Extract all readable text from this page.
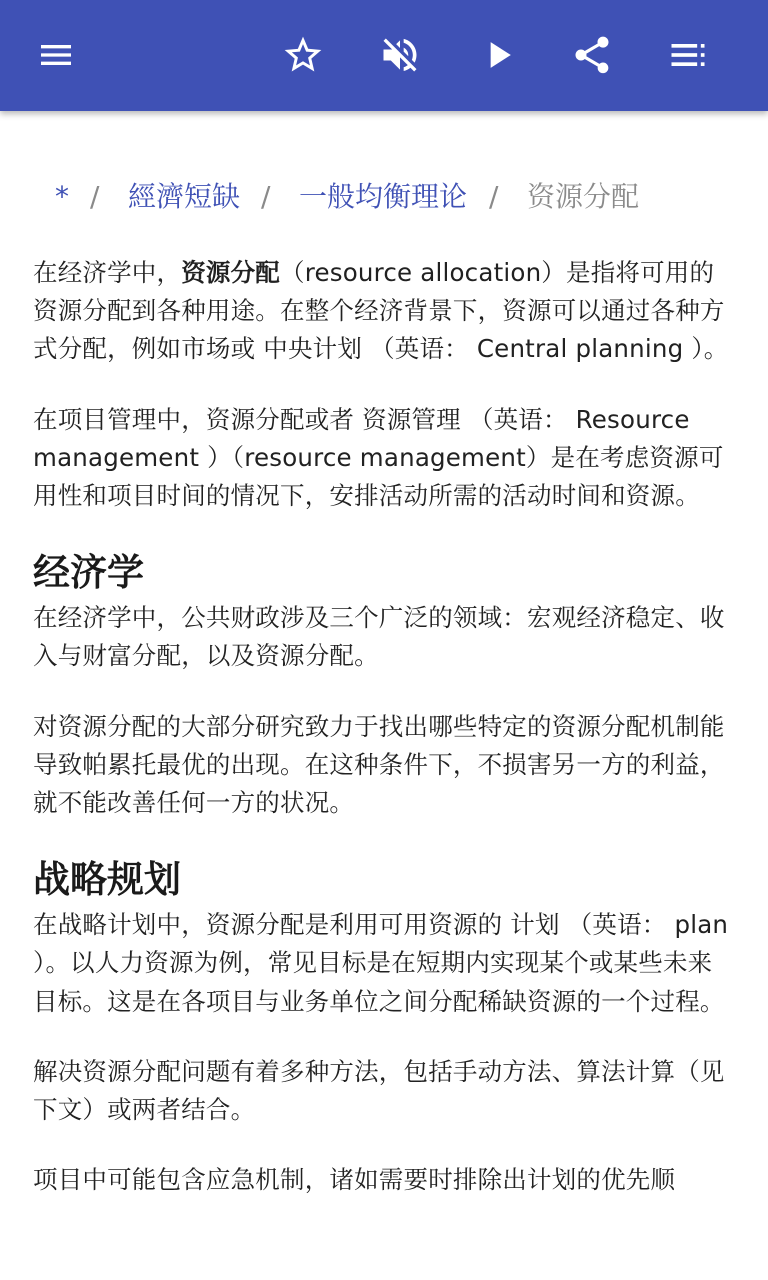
* / 經濟短缺 / 一般均衡理论 / 资源分配

在经济学中，资源分配（resource allocation）是指将可用的资源分配到各种用途。在整个经济背景下，资源可以通过各种方式分配，例如市场或 中央计划 （英语： Central planning ）。

在项目管理中，资源分配或者 资源管理 （英语： Resource management ）（resource management）是在考虑资源可用性和项目时间的情况下，安排活动所需的活动时间和资源。

经济学

在经济学中，公共财政涉及三个广泛的领域：宏观经济稳定、收入与财富分配，以及资源分配。

对资源分配的大部分研究致力于找出哪些特定的资源分配机制能导致帕累托最优的出现。在这种条件下，不损害另一方的利益，就不能改善任何一方的状况。

战略规划

在战略计划中，资源分配是利用可用资源的 计划 （英语： plan ）。以人力资源为例，常见目标是在短期内实现某个或某些未来目标。这是在各项目与业务单位之间分配稀缺资源的一个过程。

解决资源分配问题有着多种方法，包括手动方法、算法计算（见下文）或两者结合。

项目中可能包含应急机制，诸如需要时排除出计划的优先顺
